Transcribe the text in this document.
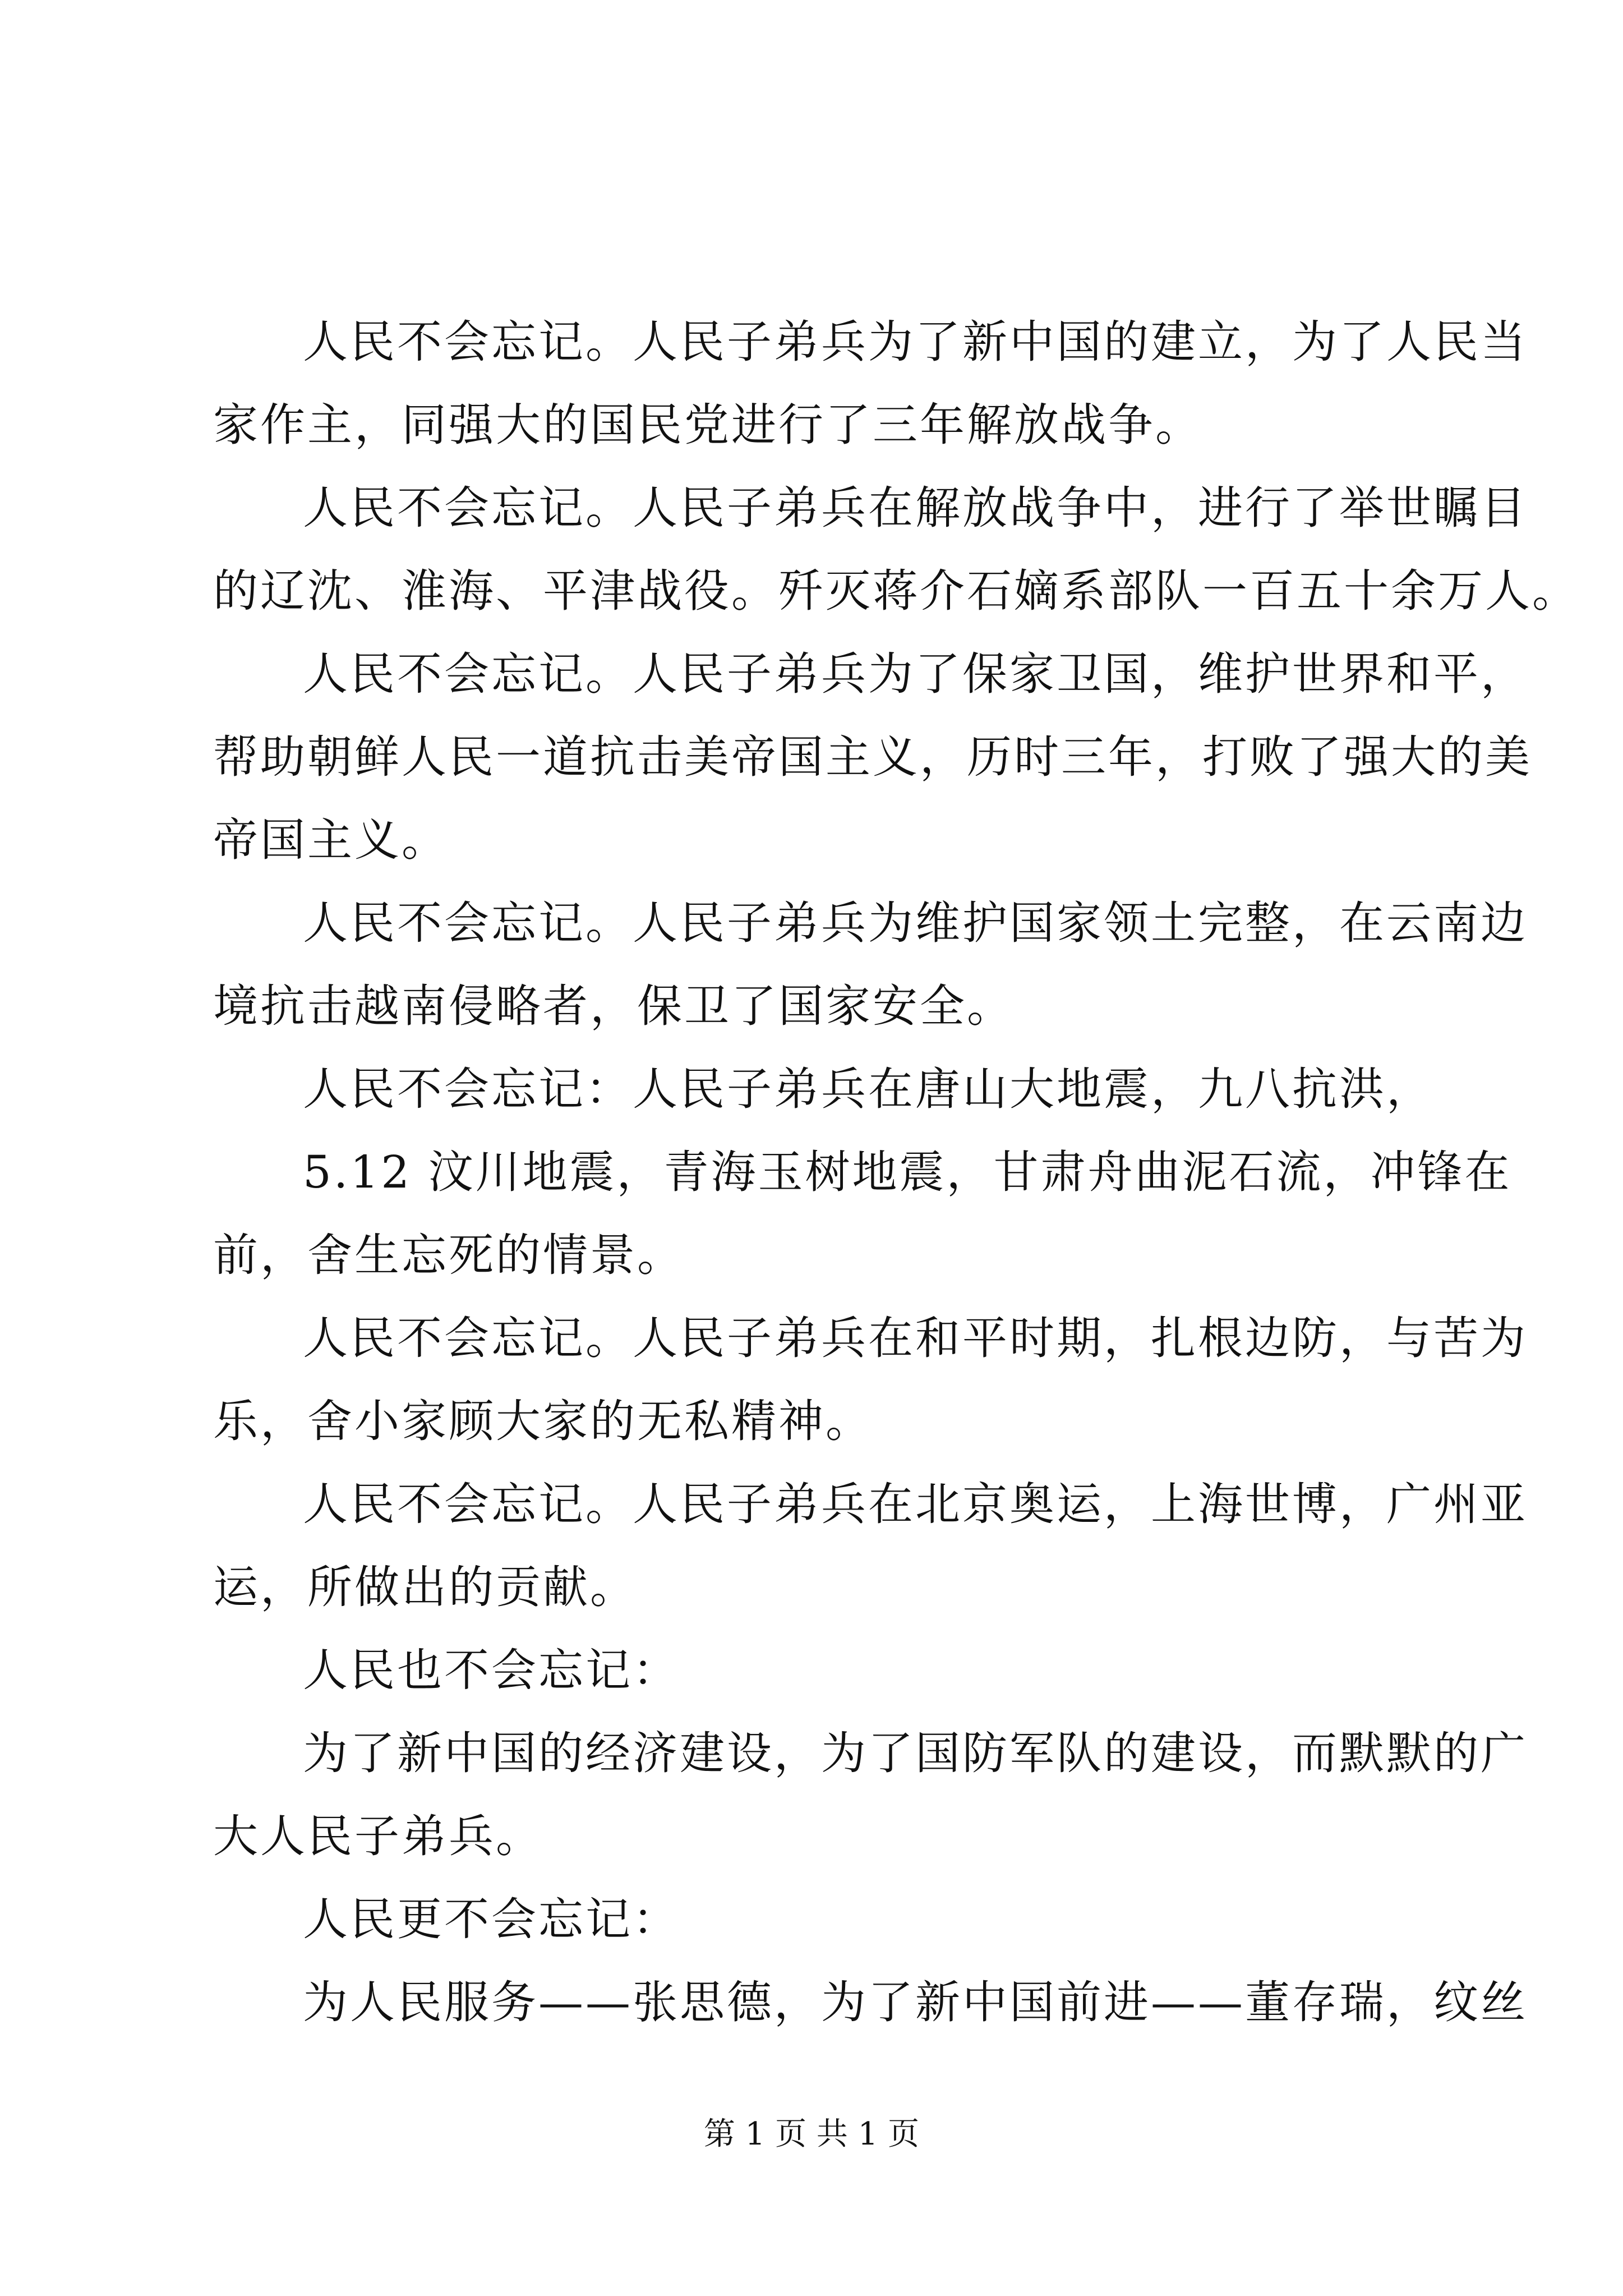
人民不会忘记。人民子弟兵为了新中国的建立，为了人民当
家作主，同强大的国民党进行了三年解放战争。
人民不会忘记。人民子弟兵在解放战争中，进行了举世瞩目
的辽沈、淮海、平津战役。歼灭蒋介石嫡系部队一百五十余万人。
人民不会忘记。人民子弟兵为了保家卫国，维护世界和平，
帮助朝鲜人民一道抗击美帝国主义，历时三年，打败了强大的美
帝国主义。
人民不会忘记。人民子弟兵为维护国家领土完整，在云南边
境抗击越南侵略者，保卫了国家安全。
人民不会忘记：人民子弟兵在唐山大地震，九八抗洪，
5.12 汶川地震，青海玉树地震，甘肃舟曲泥石流，冲锋在
前，舍生忘死的情景。
人民不会忘记。人民子弟兵在和平时期，扎根边防，与苦为
乐，舍小家顾大家的无私精神。
人民不会忘记。人民子弟兵在北京奥运，上海世博，广州亚
运，所做出的贡献。
人民也不会忘记：
为了新中国的经济建设，为了国防军队的建设，而默默的广
大人民子弟兵。
人民更不会忘记：
为人民服务——张思德，为了新中国前进——董存瑞，纹丝
第 1 页 共 1 页
